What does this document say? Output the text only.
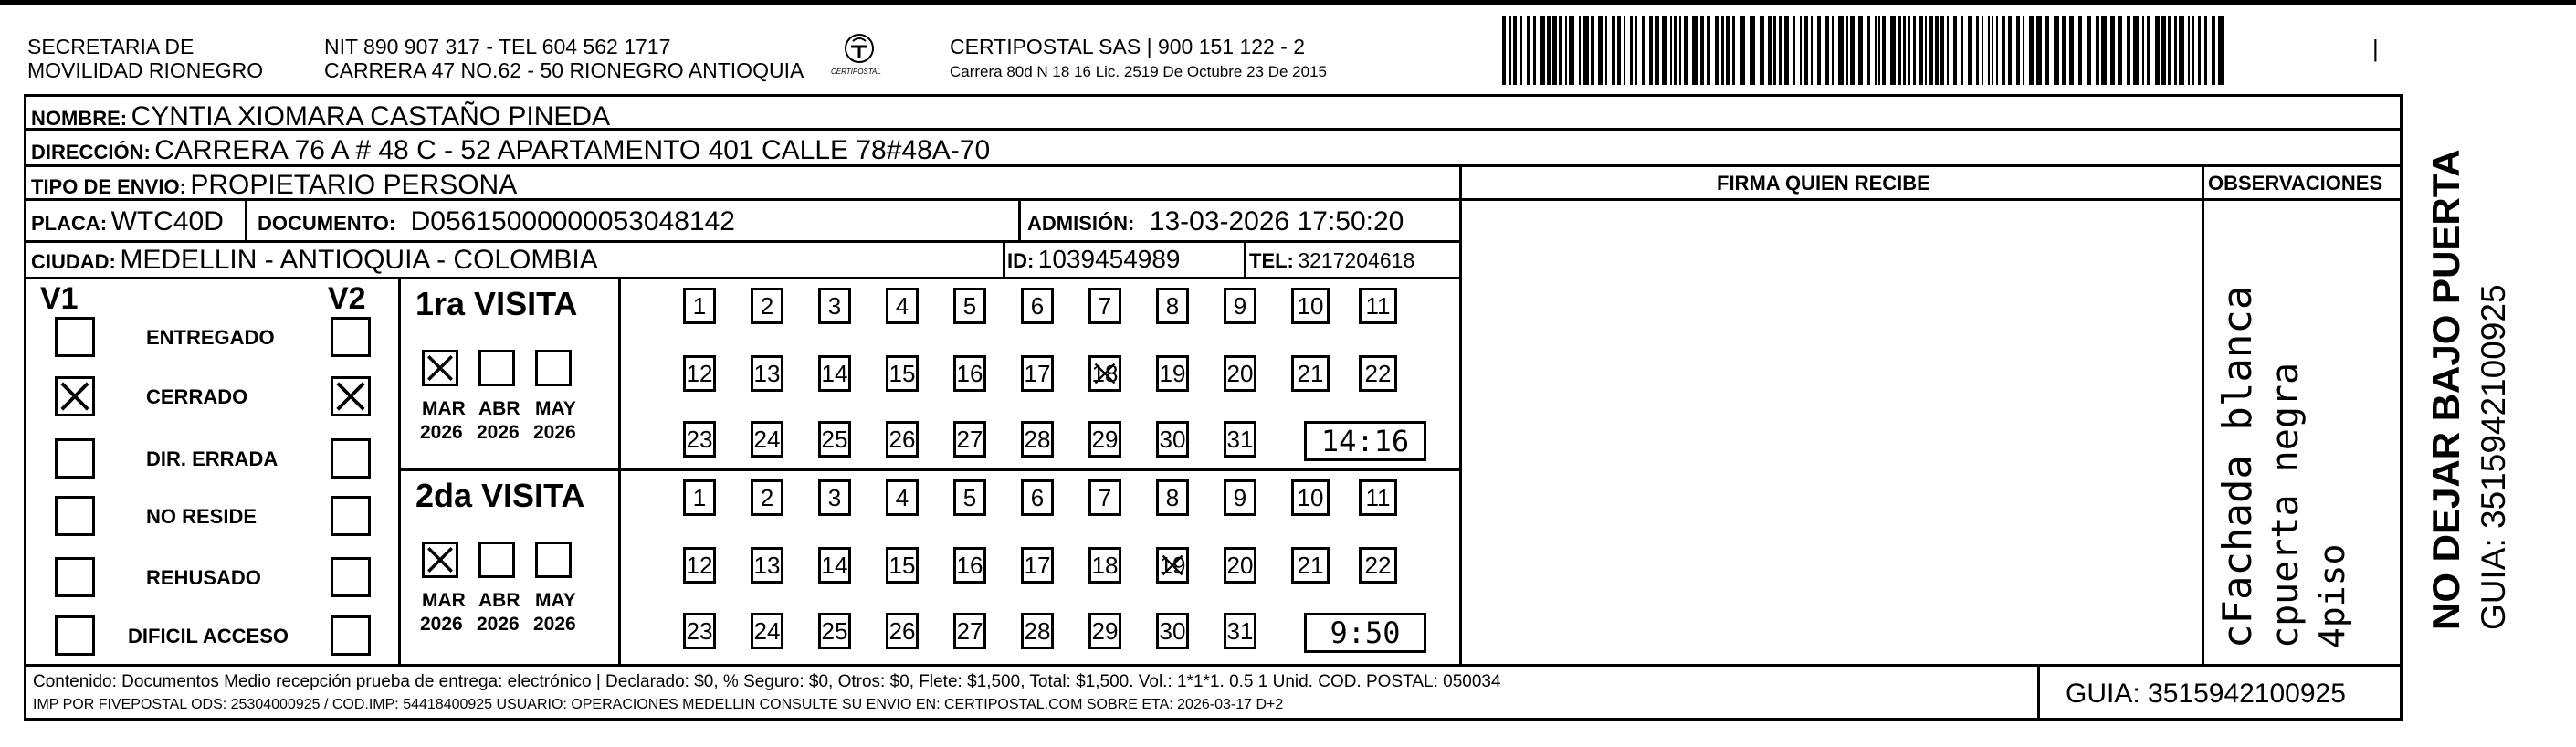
SECRETARIA DE
MOVILIDAD RIONEGRO
NIT 890 907 317 - TEL 604 562 1717
CARRERA 47 NO.62 - 50 RIONEGRO ANTIOQUIA	CERTIPOSTAL
CERTIPOSTAL SAS | 900 151 122 - 2
Carrera 80d N 18 16 Lic. 2519 De Octubre 23 De 2015
|
NOMBRE: CYNTIA XIOMARA CASTAÑO PINEDA
DIRECCIÓN: CARRERA 76 A # 48 C - 52 APARTAMENTO 401 CALLE 78#48A-70
TIPO DE ENVIO: PROPIETARIO PERSONA	FIRMA QUIEN RECIBE	OBSERVACIONES
PLACA: WTC40D DOCUMENTO: D05615000000053048142	ADMISIÓN: 13-03-2026 17:50:20
CIUDAD: MEDELLIN - ANTIOQUIA - COLOMBIA	ID: 1039454989	TEL: 3217204618
V1	V2
ENTREGADO
CERRADO
DIR. ERRADA
NO RESIDE
REHUSADO
DIFICIL ACCESO
1ra VISITA
MAR
2026
ABR
2026
MAY
2026
1	2	3	4	5	6	7	8	9	10 11
12 13 14 15 16 17 18 19 20 21 22
23 24 25 26 27 28 29 30 31	14:16
2da VISITA
MAR
2026
ABR
2026
MAY
2026
1	2	3	4	5	6	7	8	9	10 11
12 13 14 15 16 17 18 19 20 21 22
23 24 25 26 27 28 29 30 31	9:50	cFachada blanca cpuerta negra 4piso
Contenido: Documentos Medio recepción prueba de entrega: electrónico | Declarado: $0, % Seguro: $0, Otros: $0, Flete: $1,500, Total: $1,500. Vol.: 1*1*1. 0.5 1 Unid. COD. POSTAL: 050034
IMP POR FIVEPOSTAL ODS: 25304000925 / COD.IMP: 54418400925 USUARIO: OPERACIONES MEDELLIN CONSULTE SU ENVIO EN: CERTIPOSTAL.COM SOBRE ETA: 2026-03-17 D+2	GUIA: 3515942100925
NO DEJAR BAJO PUERTA GUIA: 3515942100925
